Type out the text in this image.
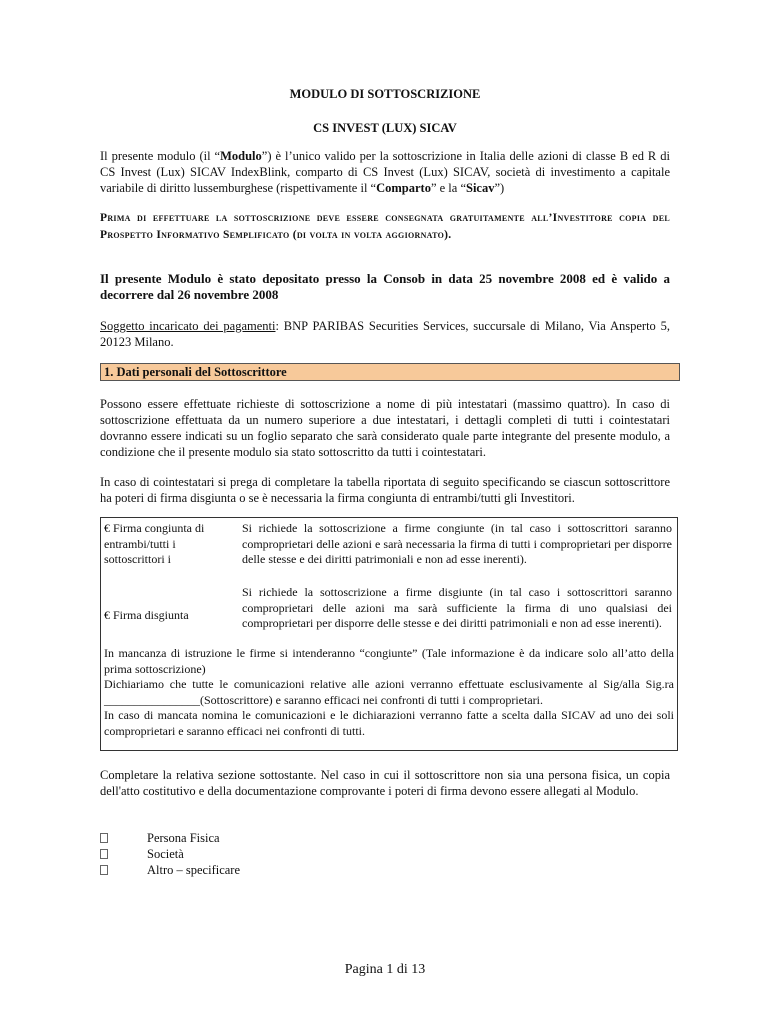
MODULO DI SOTTOSCRIZIONE
CS INVEST (LUX) SICAV
Il presente modulo (il “Modulo”) è l’unico valido per la sottoscrizione in Italia delle azioni di classe B ed R di CS Invest (Lux) SICAV IndexBlink, comparto di CS Invest (Lux) SICAV, società di investimento a capitale variabile di diritto lussemburghese (rispettivamente il “Comparto” e la “Sicav”)
Prima di effettuare la sottoscrizione deve essere consegnata gratuitamente all’Investitore copia del Prospetto Informativo Semplificato (di volta in volta aggiornato).
Il presente Modulo è stato depositato presso la Consob in data 25 novembre 2008 ed è valido a decorrere dal 26 novembre 2008
Soggetto incaricato dei pagamenti: BNP PARIBAS Securities Services, succursale di Milano, Via Ansperto 5, 20123 Milano.
1. Dati personali del Sottoscrittore
Possono essere effettuate richieste di sottoscrizione a nome di più intestatari (massimo quattro). In caso di sottoscrizione effettuata da un numero superiore a due intestatari, i dettagli completi di tutti i cointestatari dovranno essere indicati su un foglio separato che sarà considerato quale parte integrante del presente modulo, a condizione che il presente modulo sia stato sottoscritto da tutti i cointestatari.
In caso di cointestatari si prega di completare la tabella riportata di seguito specificando se ciascun sottoscrittore ha poteri di firma disgiunta o se è necessaria la firma congiunta di entrambi/tutti gli Investitori.
€ Firma congiunta di entrambi/tutti i sottoscrittori i
Si richiede la sottoscrizione a firme congiunte (in tal caso i sottoscrittori saranno comproprietari delle azioni e sarà necessaria la firma di tutti i comproprietari per disporre delle stesse e dei diritti patrimoniali e non ad esse inerenti).
€ Firma disgiunta
Si richiede la sottoscrizione a firme disgiunte (in tal caso i sottoscrittori saranno comproprietari delle azioni ma sarà sufficiente la firma di uno qualsiasi dei comproprietari per disporre delle stesse e dei diritti patrimoniali e non ad esse inerenti).
In mancanza di istruzione le firme si intenderanno “congiunte” (Tale informazione è da indicare solo all’atto della prima sottoscrizione)
Dichiariamo che tutte le comunicazioni relative alle azioni verranno effettuate esclusivamente al Sig/alla Sig.ra ________________(Sottoscrittore) e saranno efficaci nei confronti di tutti i comproprietari.
In caso di mancata nomina le comunicazioni e le dichiarazioni verranno fatte a scelta dalla SICAV ad uno dei soli comproprietari e saranno efficaci nei confronti di tutti.
Completare la relativa sezione sottostante. Nel caso in cui il sottoscrittore non sia una persona fisica, un copia dell'atto costitutivo e della documentazione comprovante i poteri di firma devono essere allegati al Modulo.
Persona Fisica
Società
Altro – specificare
Pagina 1 di 13
